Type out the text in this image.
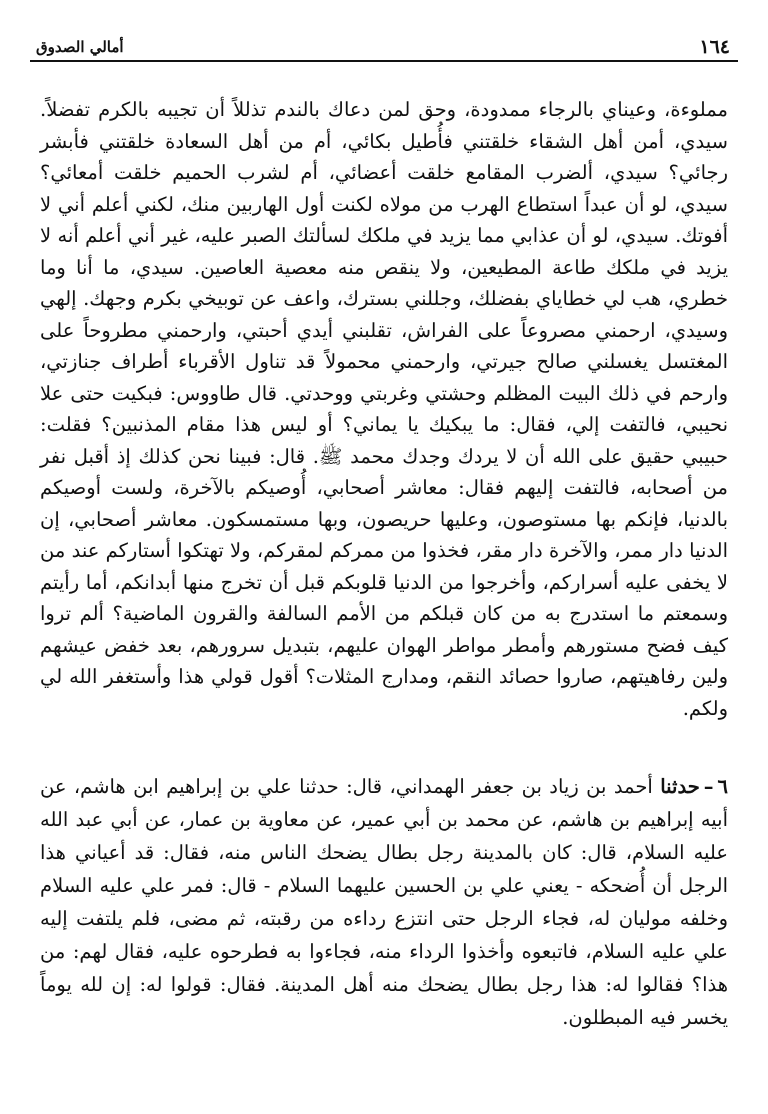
١٦٤
أمالي الصدوق

مملوءة، وعيناي بالرجاء ممدودة، وحق لمن دعاك بالندم تذللاً أن تجيبه بالكرم تفضلاً. سيدي، أمن أهل الشقاء خلقتني فأُطيل بكائي، أم من أهل السعادة خلقتني فأبشر رجائي؟ سيدي، ألضرب المقامع خلقت أعضائي، أم لشرب الحميم خلقت أمعائي؟ سيدي، لو أن عبداً استطاع الهرب من مولاه لكنت أول الهاربين منك، لكني أعلم أني لا أفوتك. سيدي، لو أن عذابي مما يزيد في ملكك لسألتك الصبر عليه، غير أني أعلم أنه لا يزيد في ملكك طاعة المطيعين، ولا ينقص منه معصية العاصين. سيدي، ما أنا وما خطري، هب لي خطاياي بفضلك، وجللني بسترك، واعف عن توبيخي بكرم وجهك. إلهي وسيدي، ارحمني مصروعاً على الفراش، تقلبني أيدي أحبتي، وارحمني مطروحاً على المغتسل يغسلني صالح جيرتي، وارحمني محمولاً قد تناول الأقرباء أطراف جنازتي، وارحم في ذلك البيت المظلم وحشتي وغربتي ووحدتي. قال طاووس: فبكيت حتى علا نحيبي، فالتفت إلي، فقال: ما يبكيك يا يماني؟ أو ليس هذا مقام المذنبين؟ فقلت: حبيبي حقيق على الله أن لا يردك وجدك محمد ﷺ. قال: فبينا نحن كذلك إذ أقبل نفر من أصحابه، فالتفت إليهم فقال: معاشر أصحابي، أُوصيكم بالآخرة، ولست أوصيكم بالدنيا، فإنكم بها مستوصون، وعليها حريصون، وبها مستمسكون. معاشر أصحابي، إن الدنيا دار ممر، والآخرة دار مقر، فخذوا من ممركم لمقركم، ولا تهتكوا أستاركم عند من لا يخفى عليه أسراركم، وأخرجوا من الدنيا قلوبكم قبل أن تخرج منها أبدانكم، أما رأيتم وسمعتم ما استدرج به من كان قبلكم من الأمم السالفة والقرون الماضية؟ ألم تروا كيف فضح مستورهم وأمطر مواطر الهوان عليهم، بتبديل سرورهم، بعد خفض عيشهم ولين رفاهيتهم، صاروا حصائد النقم، ومدارج المثلات؟ أقول قولي هذا وأستغفر الله لي ولكم.

٦–حدثنا أحمد بن زياد بن جعفر الهمداني، قال: حدثنا علي بن إبراهيم ابن هاشم، عن أبيه إبراهيم بن هاشم، عن محمد بن أبي عمير، عن معاوية بن عمار، عن أبي عبد الله عليه السلام، قال: كان بالمدينة رجل بطال يضحك الناس منه، فقال: قد أعياني هذا الرجل أن أُضحكه - يعني علي بن الحسين عليهما السلام - قال: فمر علي عليه السلام وخلفه موليان له، فجاء الرجل حتى انتزع رداءه من رقبته، ثم مضى، فلم يلتفت إليه علي عليه السلام، فاتبعوه وأخذوا الرداء منه، فجاءوا به فطرحوه عليه، فقال لهم: من هذا؟ فقالوا له: هذا رجل بطال يضحك منه أهل المدينة. فقال: قولوا له: إن لله يوماً يخسر فيه المبطلون.
